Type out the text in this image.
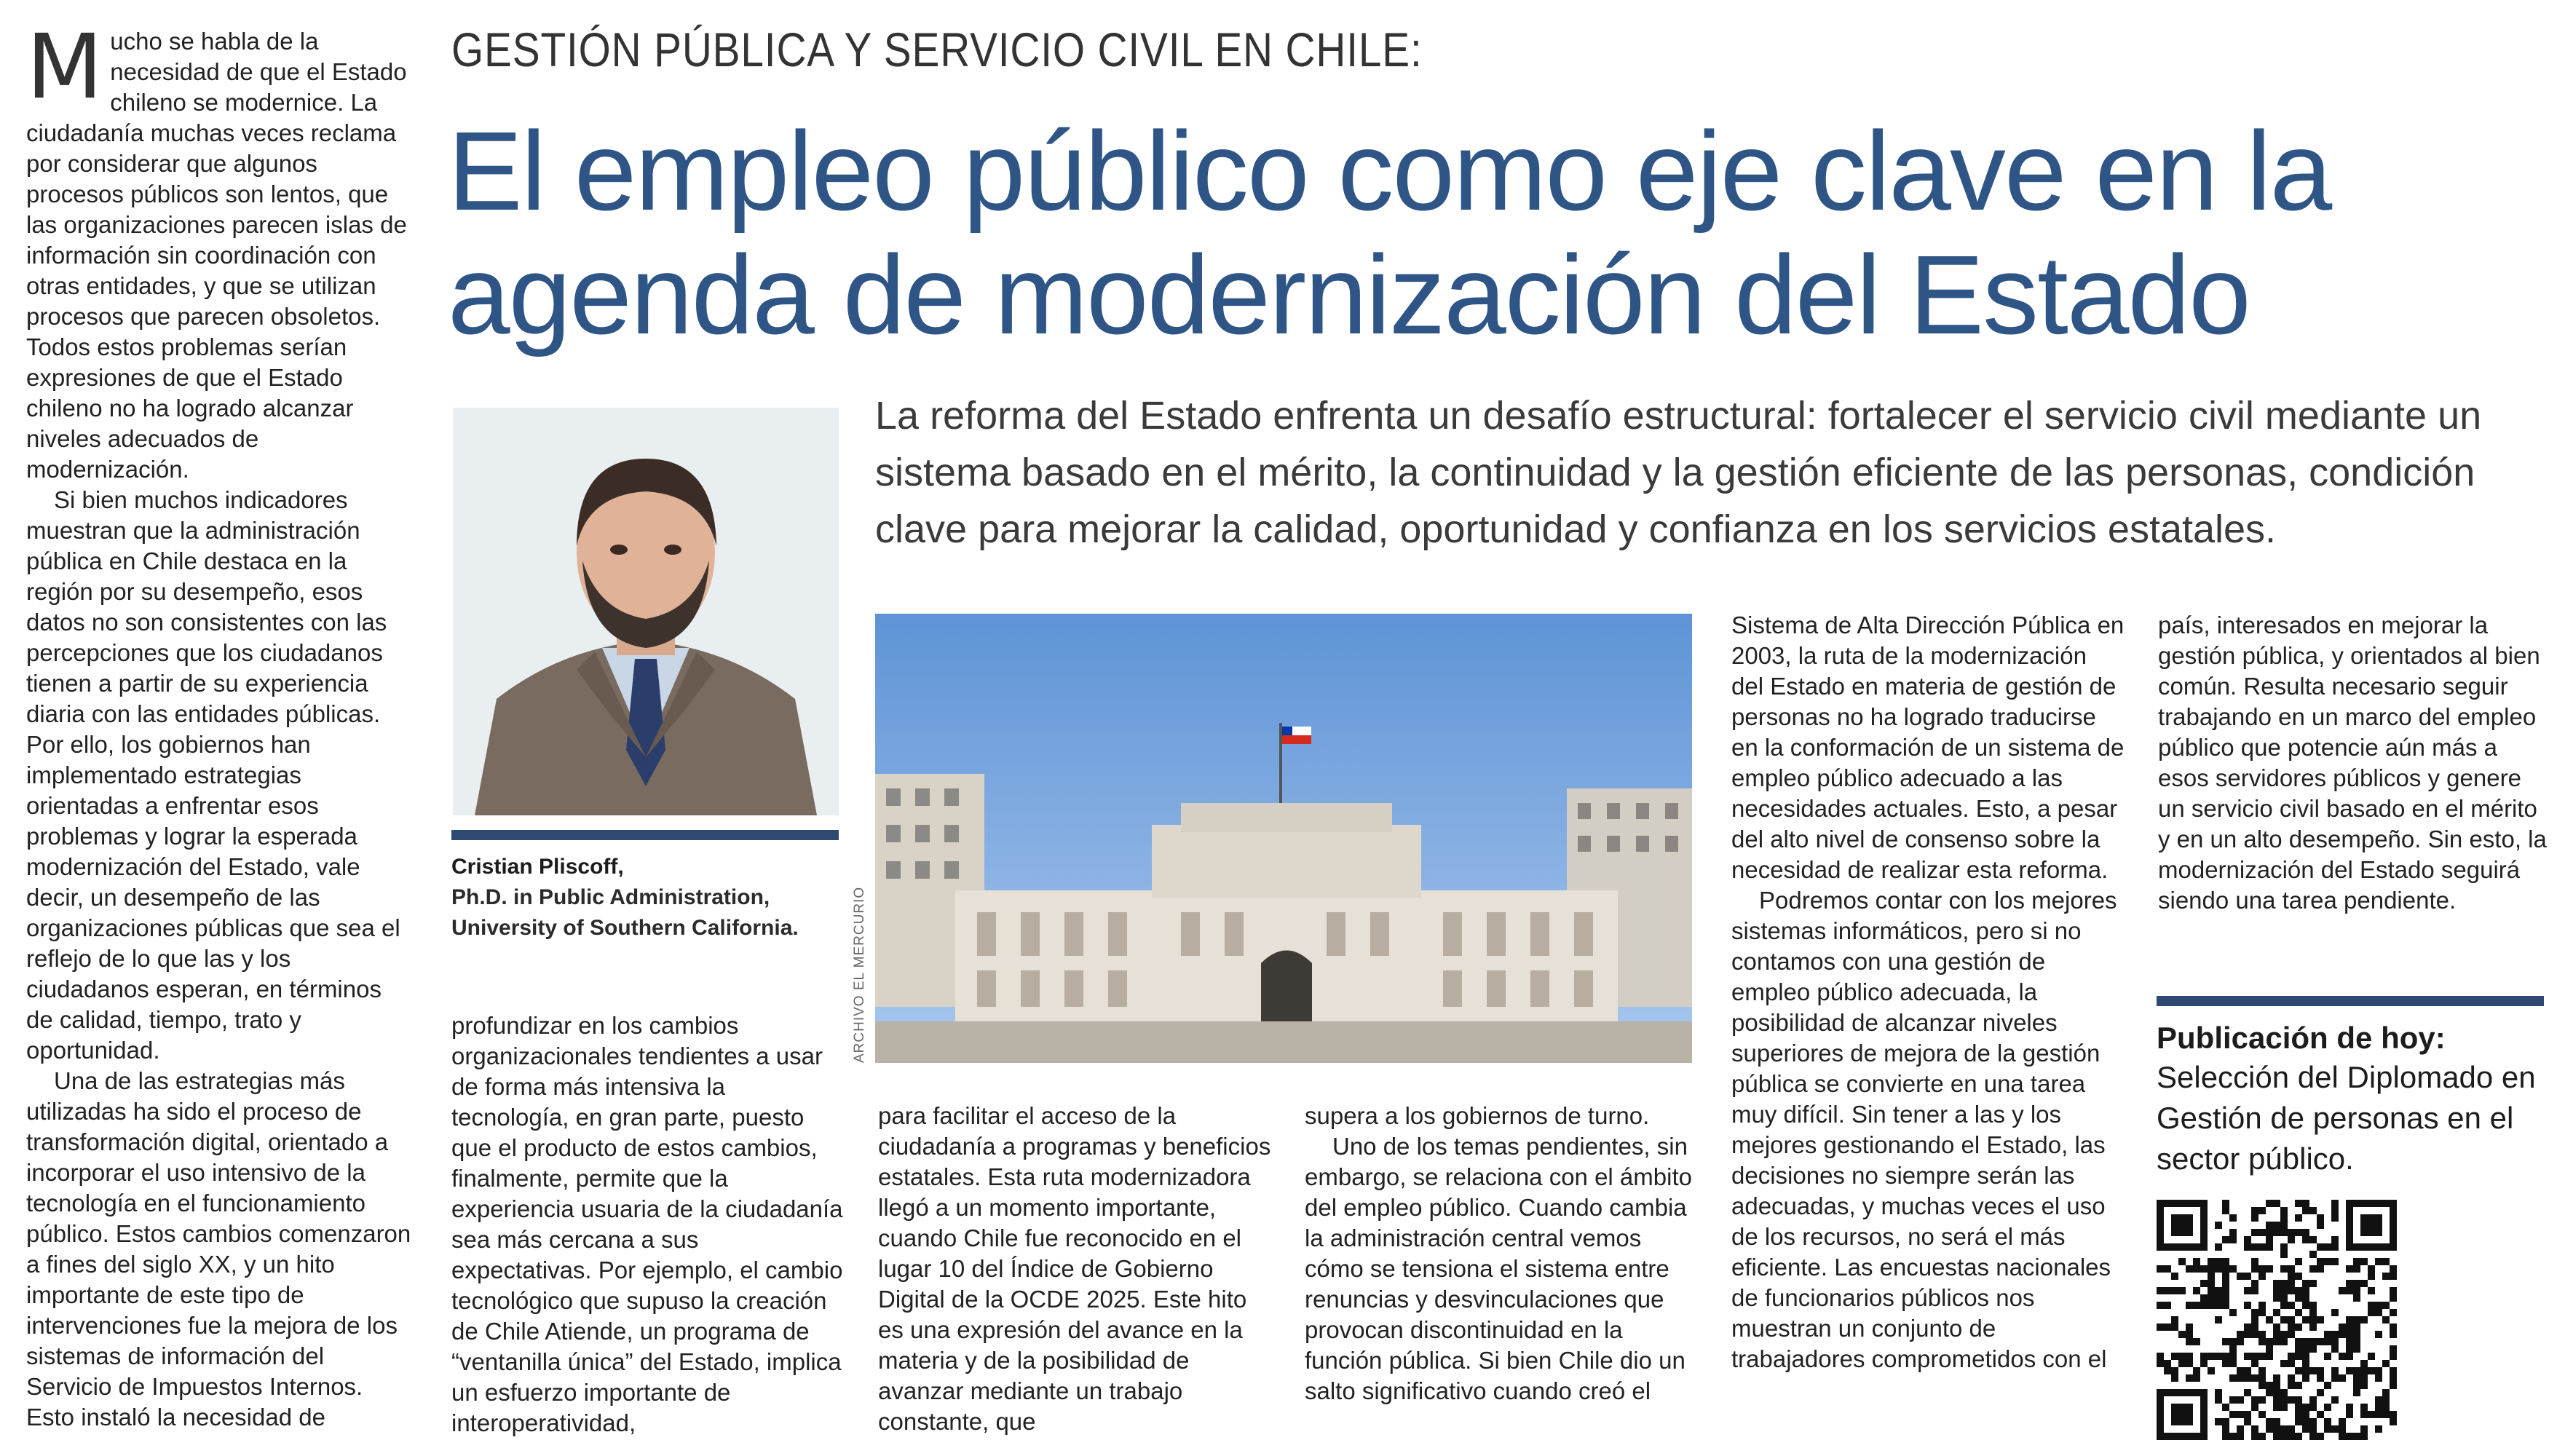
Mucho se habla de la necesidad de que el Estado chileno se modernice. La ciudadanía muchas veces reclama por considerar que algunos procesos públicos son lentos, que las organizaciones parecen islas de información sin coordinación con otras entidades, y que se utilizan procesos que parecen obsoletos. Todos estos problemas serían expresiones de que el Estado chileno no ha logrado alcanzar niveles adecuados de modernización.

Si bien muchos indicadores muestran que la administración pública en Chile destaca en la región por su desempeño, esos datos no son consistentes con las percepciones que los ciudadanos tienen a partir de su experiencia diaria con las entidades públicas. Por ello, los gobiernos han implementado estrategias orientadas a enfrentar esos problemas y lograr la esperada modernización del Estado, vale decir, un desempeño de las organizaciones públicas que sea el reflejo de lo que las y los ciudadanos esperan, en términos de calidad, tiempo, trato y oportunidad.

Una de las estrategias más utilizadas ha sido el proceso de transformación digital, orientado a incorporar el uso intensivo de la tecnología en el funcionamiento público. Estos cambios comenzaron a fines del siglo XX, y un hito importante de este tipo de intervenciones fue la mejora de los sistemas de información del Servicio de Impuestos Internos. Esto instaló la necesidad de

GESTIÓN PÚBLICA Y SERVICIO CIVIL EN CHILE:
El empleo público como eje clave en la
agenda de modernización del Estado
La reforma del Estado enfrenta un desafío estructural: fortalecer el servicio civil mediante un sistema basado en el mérito, la continuidad y la gestión eficiente de las personas, condición clave para mejorar la calidad, oportunidad y confianza en los servicios estatales.
Cristian Pliscoff,
Ph.D. in Public Administration,
University of Southern California.

profundizar en los cambios organizacionales tendientes a usar de forma más intensiva la tecnología, en gran parte, puesto que el producto de estos cambios, finalmente, permite que la experiencia usuaria de la ciudadanía sea más cercana a sus expectativas. Por ejemplo, el cambio tecnológico que supuso la creación de Chile Atiende, un programa de “ventanilla única” del Estado, implica un esfuerzo importante de interoperatividad,

ARCHIVO EL MERCURIO

para facilitar el acceso de la ciudadanía a programas y beneficios estatales. Esta ruta modernizadora llegó a un momento importante, cuando Chile fue reconocido en el lugar 10 del Índice de Gobierno Digital de la OCDE 2025. Este hito es una expresión del avance en la materia y de la posibilidad de avanzar mediante un trabajo constante, que

supera a los gobiernos de turno.

Uno de los temas pendientes, sin embargo, se relaciona con el ámbito del empleo público. Cuando cambia la administración central vemos cómo se tensiona el sistema entre renuncias y desvinculaciones que provocan discontinuidad en la función pública. Si bien Chile dio un salto significativo cuando creó el

Sistema de Alta Dirección Pública en 2003, la ruta de la modernización del Estado en materia de gestión de personas no ha logrado traducirse en la conformación de un sistema de empleo público adecuado a las necesidades actuales. Esto, a pesar del alto nivel de consenso sobre la necesidad de realizar esta reforma.

Podremos contar con los mejores sistemas informáticos, pero si no contamos con una gestión de empleo público adecuada, la posibilidad de alcanzar niveles superiores de mejora de la gestión pública se convierte en una tarea muy difícil. Sin tener a las y los mejores gestionando el Estado, las decisiones no siempre serán las adecuadas, y muchas veces el uso de los recursos, no será el más eficiente. Las encuestas nacionales de funcionarios públicos nos muestran un conjunto de trabajadores comprometidos con el

país, interesados en mejorar la gestión pública, y orientados al bien común. Resulta necesario seguir trabajando en un marco del empleo público que potencie aún más a esos servidores públicos y genere un servicio civil basado en el mérito y en un alto desempeño. Sin esto, la modernización del Estado seguirá siendo una tarea pendiente.

Publicación de hoy:
Selección del Diplomado en Gestión de personas en el sector público.
